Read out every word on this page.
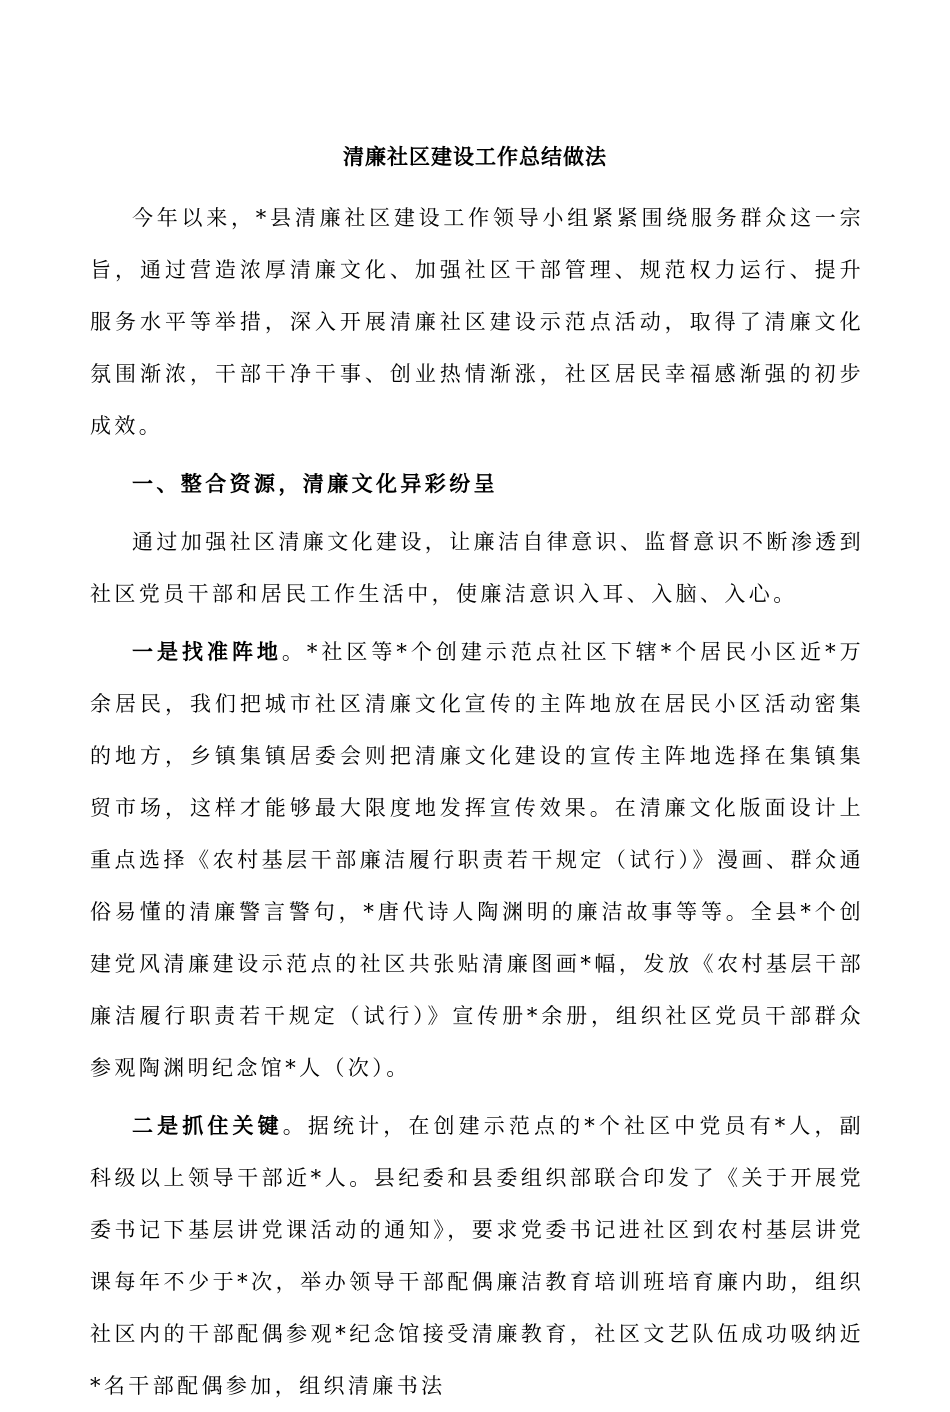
清廉社区建设工作总结做法

今年以来，*县清廉社区建设工作领导小组紧紧围绕服务群众这一宗旨，通过营造浓厚清廉文化、加强社区干部管理、规范权力运行、提升服务水平等举措，深入开展清廉社区建设示范点活动，取得了清廉文化氛围渐浓，干部干净干事、创业热情渐涨，社区居民幸福感渐强的初步成效。

一、整合资源，清廉文化异彩纷呈

通过加强社区清廉文化建设，让廉洁自律意识、监督意识不断渗透到社区党员干部和居民工作生活中，使廉洁意识入耳、入脑、入心。

一是找准阵地。*社区等*个创建示范点社区下辖*个居民小区近*万余居民，我们把城市社区清廉文化宣传的主阵地放在居民小区活动密集的地方，乡镇集镇居委会则把清廉文化建设的宣传主阵地选择在集镇集贸市场，这样才能够最大限度地发挥宣传效果。在清廉文化版面设计上重点选择《农村基层干部廉洁履行职责若干规定（试行）》漫画、群众通俗易懂的清廉警言警句，*唐代诗人陶渊明的廉洁故事等等。全县*个创建党风清廉建设示范点的社区共张贴清廉图画*幅，发放《农村基层干部廉洁履行职责若干规定（试行）》宣传册*余册，组织社区党员干部群众参观陶渊明纪念馆*人（次）。

二是抓住关键。据统计，在创建示范点的*个社区中党员有*人，副科级以上领导干部近*人。县纪委和县委组织部联合印发了《关于开展党委书记下基层讲党课活动的通知》，要求党委书记进社区到农村基层讲党课每年不少于*次，举办领导干部配偶廉洁教育培训班培育廉内助，组织社区内的干部配偶参观*纪念馆接受清廉教育，社区文艺队伍成功吸纳近*名干部配偶参加，组织清廉书法
